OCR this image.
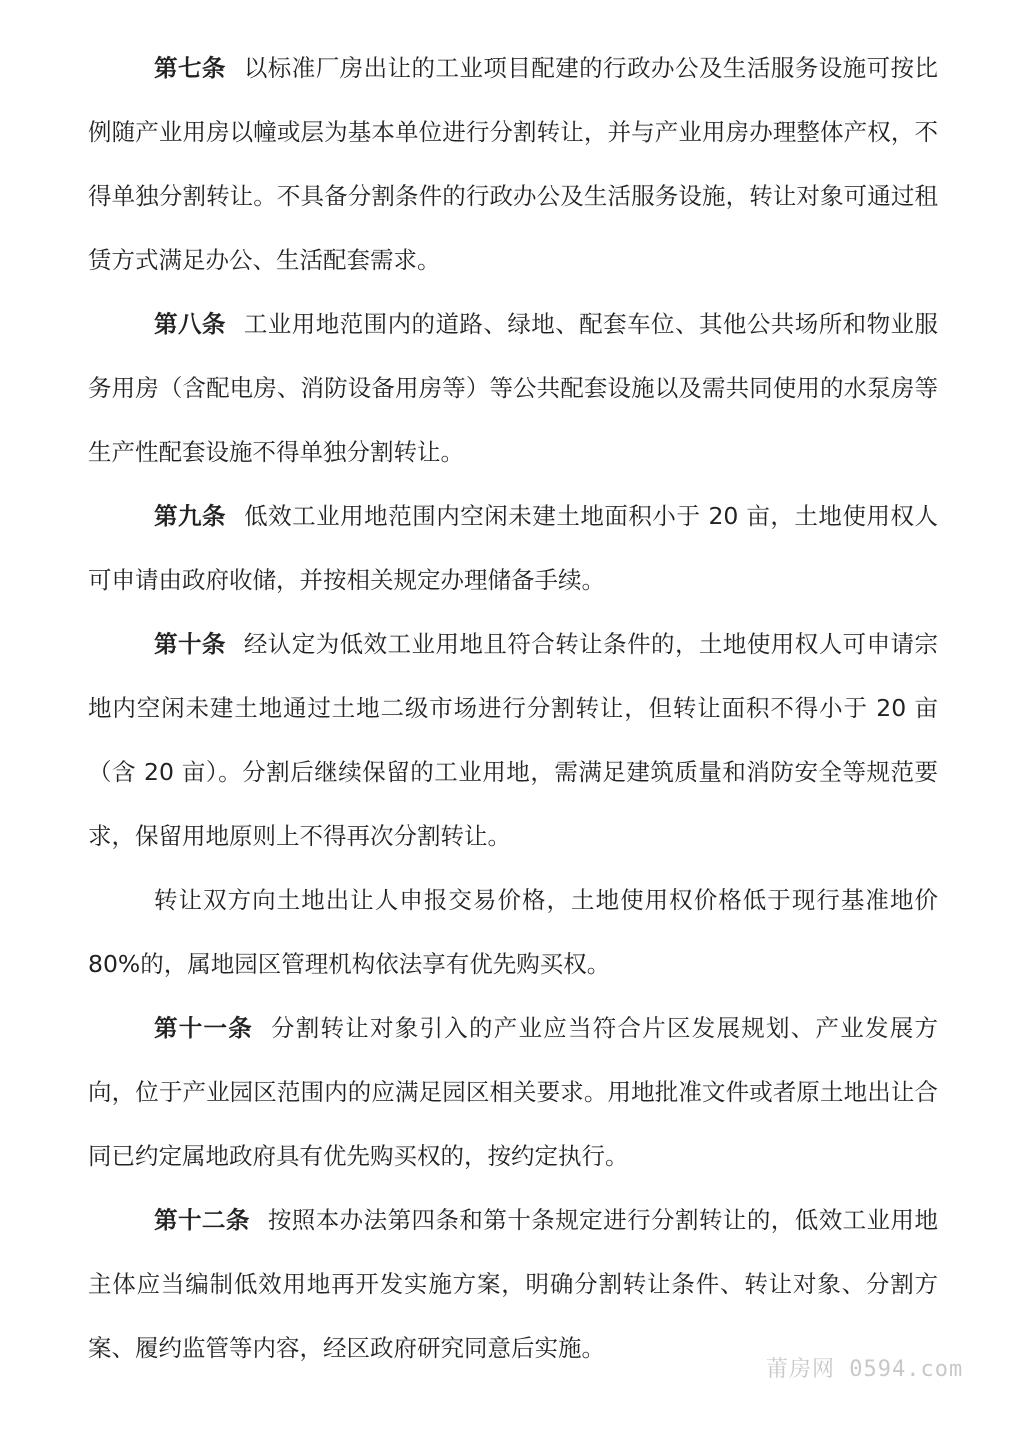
第七条 以标准厂房出让的工业项目配建的行政办公及生活服务设施可按比例随产业用房以幢或层为基本单位进行分割转让，并与产业用房办理整体产权，不得单独分割转让。不具备分割条件的行政办公及生活服务设施，转让对象可通过租赁方式满足办公、生活配套需求。

第八条 工业用地范围内的道路、绿地、配套车位、其他公共场所和物业服务用房（含配电房、消防设备用房等）等公共配套设施以及需共同使用的水泵房等生产性配套设施不得单独分割转让。

第九条 低效工业用地范围内空闲未建土地面积小于 20 亩，土地使用权人可申请由政府收储，并按相关规定办理储备手续。

第十条 经认定为低效工业用地且符合转让条件的，土地使用权人可申请宗地内空闲未建土地通过土地二级市场进行分割转让，但转让面积不得小于 20 亩（含 20 亩）。分割后继续保留的工业用地，需满足建筑质量和消防安全等规范要求，保留用地原则上不得再次分割转让。

转让双方向土地出让人申报交易价格，土地使用权价格低于现行基准地价 80%的，属地园区管理机构依法享有优先购买权。

第十一条 分割转让对象引入的产业应当符合片区发展规划、产业发展方向，位于产业园区范围内的应满足园区相关要求。用地批准文件或者原土地出让合同已约定属地政府具有优先购买权的，按约定执行。

第十二条 按照本办法第四条和第十条规定进行分割转让的，低效工业用地主体应当编制低效用地再开发实施方案，明确分割转让条件、转让对象、分割方案、履约监管等内容，经区政府研究同意后实施。

莆房网 0594.com
